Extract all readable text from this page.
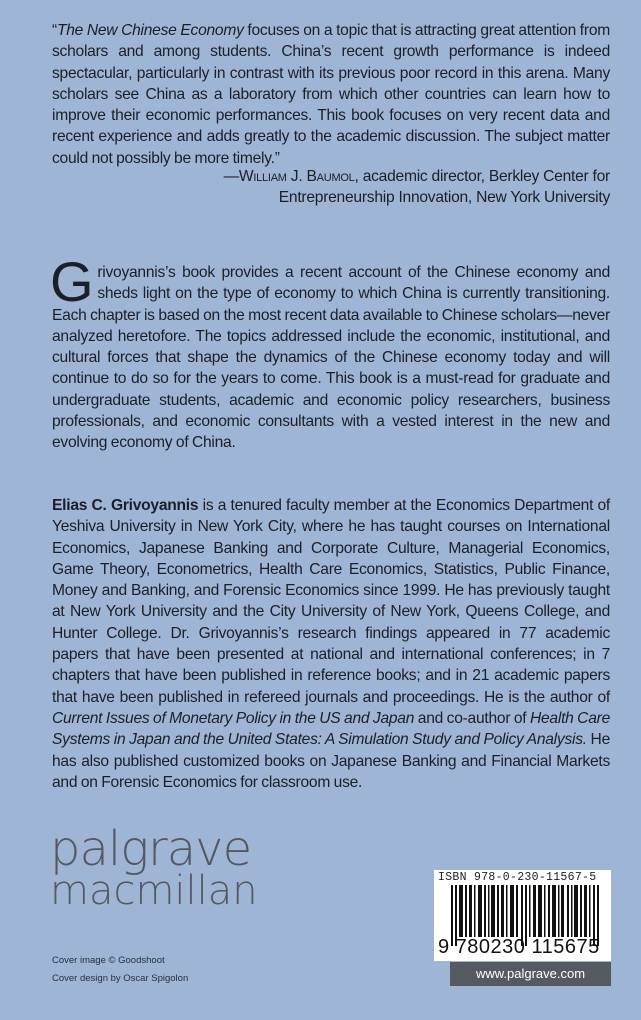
“The New Chinese Economy focuses on a topic that is attracting great attention from scholars and among students. China’s recent growth performance is indeed spectacular, particularly in contrast with its previous poor record in this arena. Many scholars see China as a laboratory from which other countries can learn how to improve their economic performances. This book focuses on very recent data and recent experience and adds greatly to the academic discussion. The subject matter could not possibly be more timely.”
—William J. Baumol, academic director, Berkley Center for
Entrepreneurship Innovation, New York University
Grivoyannis’s book provides a recent account of the Chinese economy and sheds light on the type of economy to which China is currently transitioning. Each chapter is based on the most recent data available to Chinese scholars—never analyzed heretofore. The topics addressed include the economic, institutional, and cultural forces that shape the dynamics of the Chinese economy today and will continue to do so for the years to come. This book is a must-read for graduate and undergraduate students, academic and economic policy researchers, business professionals, and economic consultants with a vested interest in the new and evolving economy of China.
Elias C. Grivoyannis is a tenured faculty member at the Economics Department of Yeshiva University in New York City, where he has taught courses on International Economics, Japanese Banking and Corporate Culture, Managerial Economics, Game Theory, Econometrics, Health Care Economics, Statistics, Public Finance, Money and Banking, and Forensic Economics since 1999. He has previously taught at New York University and the City University of New York, Queens College, and Hunter College. Dr. Grivoyannis’s research findings appeared in 77 academic papers that have been presented at national and international conferences; in 7 chapters that have been published in reference books; and in 21 academic papers that have been published in refereed journals and proceedings. He is the author of Current Issues of Monetary Policy in the US and Japan and co-author of Health Care Systems in Japan and the United States: A Simulation Study and Policy Analysis. He has also published customized books on Japanese Banking and Financial Markets and on Forensic Economics for classroom use.
palgrave
macmillan
Cover image © Goodshoot
Cover design by Oscar Spigolon
ISBN 978-0-230-11567-5
9 780230 115675
www.palgrave.com
